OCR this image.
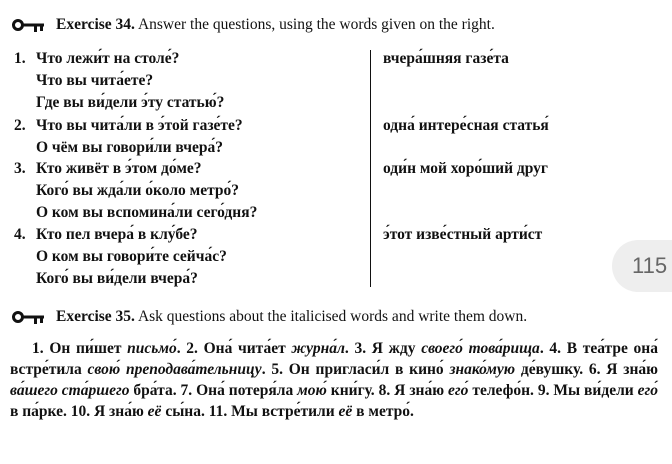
Exercise 34. Answer the questions, using the words given on the right.
1. Что лежи́т на столе́?
Что вы чита́ете?
Где вы ви́дели э́ту статью́?
вчера́шняя газе́та
2. Что вы чита́ли в э́той газе́те?
О чём вы говори́ли вчера́?
одна́ интере́сная статья́
3. Кто живёт в э́том до́ме?
Кого́ вы жда́ли о́коло метро́?
О ком вы вспомина́ли сего́дня?
оди́н мой хоро́ший друг
4. Кто пел вчера́ в клу́бе?
О ком вы говори́те сейча́с?
Кого́ вы ви́дели вчера́?
э́тот изве́стный арти́ст
115
Exercise 35. Ask questions about the italicised words and write them down.
1. Он пи́шет письмо́. 2. Она́ чита́ет журна́л. 3. Я жду своего́ това́рища. 4. В теа́тре она́ встре́тила свою́ преподава́тельницу. 5. Он пригласи́л в кино́ знако́мую де́вушку. 6. Я зна́ю ва́шего ста́ршего бра́та. 7. Она́ потеря́ла мою́ кни́гу. 8. Я зна́ю его́ телефо́н. 9. Мы ви́дели его́ в па́рке. 10. Я зна́ю её сы́на. 11. Мы встре́тили её в метро́.
